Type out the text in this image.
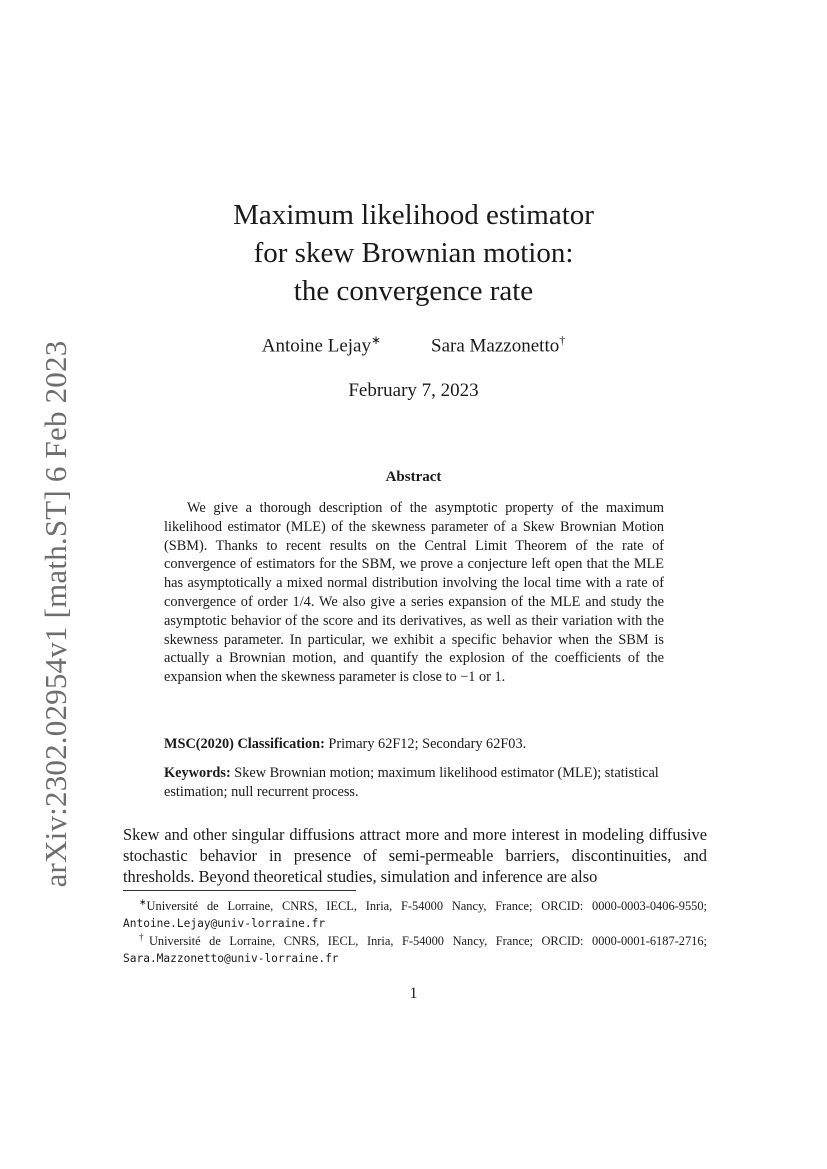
arXiv:2302.02954v1 [math.ST] 6 Feb 2023
Maximum likelihood estimator
for skew Brownian motion:
the convergence rate
Antoine Lejay∗	Sara Mazzonetto†
February 7, 2023
Abstract

We give a thorough description of the asymptotic property of the maximum likelihood estimator (MLE) of the skewness parameter of a Skew Brownian Motion (SBM). Thanks to recent results on the Central Limit Theorem of the rate of convergence of estimators for the SBM, we prove a conjecture left open that the MLE has asymptotically a mixed normal distribution involving the local time with a rate of convergence of order 1/4. We also give a series expansion of the MLE and study the asymptotic behavior of the score and its derivatives, as well as their variation with the skewness parameter. In particular, we exhibit a specific behavior when the SBM is actually a Brownian motion, and quantify the explosion of the coefficients of the expansion when the skewness parameter is close to −1 or 1.

MSC(2020) Classification: Primary 62F12; Secondary 62F03.
Keywords: Skew Brownian motion; maximum likelihood estimator (MLE); statistical estimation; null recurrent process.

Skew and other singular diffusions attract more and more interest in modeling diffusive stochastic behavior in presence of semi-permeable barriers, discontinuities, and thresholds. Beyond theoretical studies, simulation and inference are also

∗Université de Lorraine, CNRS, IECL, Inria, F-54000 Nancy, France; ORCID: 0000-0003-0406-9550; Antoine.Lejay@univ-lorraine.fr

†Université de Lorraine, CNRS, IECL, Inria, F-54000 Nancy, France; ORCID: 0000-0001-6187-2716; Sara.Mazzonetto@univ-lorraine.fr

1
